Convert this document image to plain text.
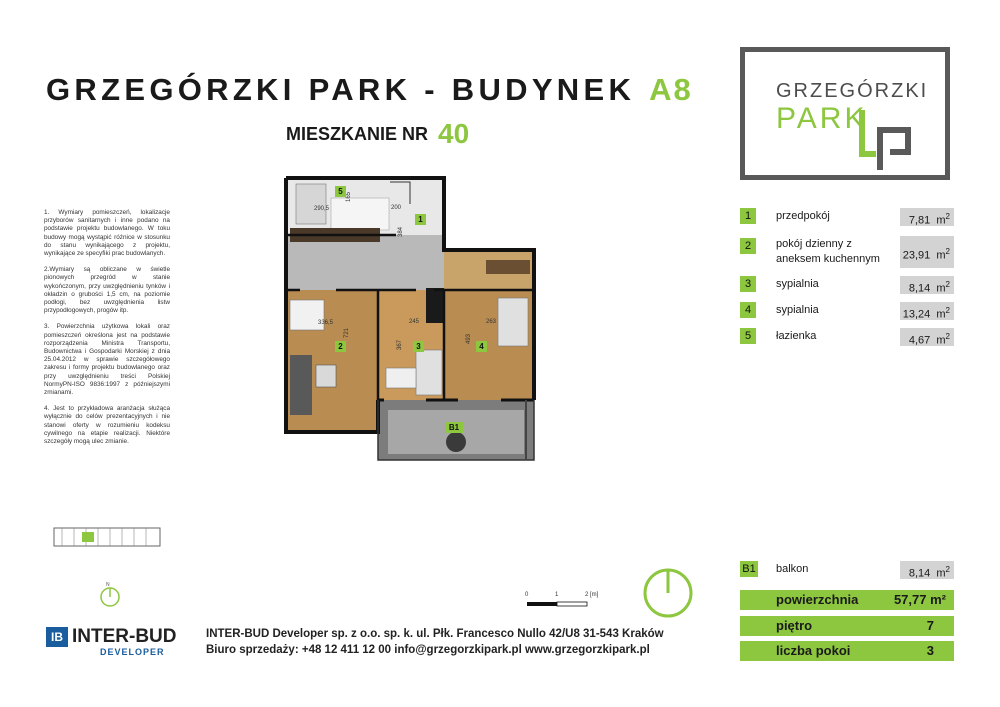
GRZEGÓRZKI PARK - BUDYNEK A8
MIESZKANIE NR 40
GRZEGÓRZKI
PARK

1. Wymiary pomieszczeń, lokalizacje przyborów sanitarnych i inne podano na podstawie projektu budowlanego. W toku budowy mogą wystąpić różnice w stosunku do stanu wynikającego z projektu, wynikające ze specyfiki prac budowlanych.

2.Wymiary są obliczane w świetle pionowych przegród w stanie wykończonym, przy uwzględnieniu tynków i okładzin o grubości 1,5 cm, na poziomie podłogi, bez uwzględnienia listw przypodłogowych, progów itp.

3. Powierzchnia użytkowa lokali oraz pomieszczeń określona jest na podstawie rozporządzenia Ministra Transportu, Budownictwa i Gospodarki Morskiej z dnia 25.04.2012 w sprawie szczegółowego zakresu i formy projektu budowlanego oraz przy uwzględnieniu treści Polskiej NormyPN-ISO 9836:1997 z późniejszymi zmianami.

4. Jest to przykładowa aranżacja służąca wyłącznie do celów prezentacyjnych i nie stanowi oferty w rozumieniu kodeksu cywilnego na etapie realizacji. Niektóre szczegóły mogą ulec zmianie.

290,5
165
200
384
336,5
721
245
367
263
493
5
1
2	3	4
B1
N
0	1	2 [m]
1	przedpokój	7,81 $m^2$
2	pokój dzienny z aneksem kuchennym	23,91 $m^2$
3	sypialnia	8,14 $m^2$
4	sypialnia	13,24 $m^2$
5	łazienka	4,67 $m^2$
B1 balkon	8,14 $m^2$
powierzchnia	57,77 m²
piętro	7
liczba pokoi	3
IB INTER-BUD
DEVELOPER
INTER-BUD Developer sp. z o.o. sp. k. ul. Płk. Francesco Nullo 42/U8 31-543 Kraków
Biuro sprzedaży: +48 12 411 12 00 info@grzegorzkipark.pl www.grzegorzkipark.pl
